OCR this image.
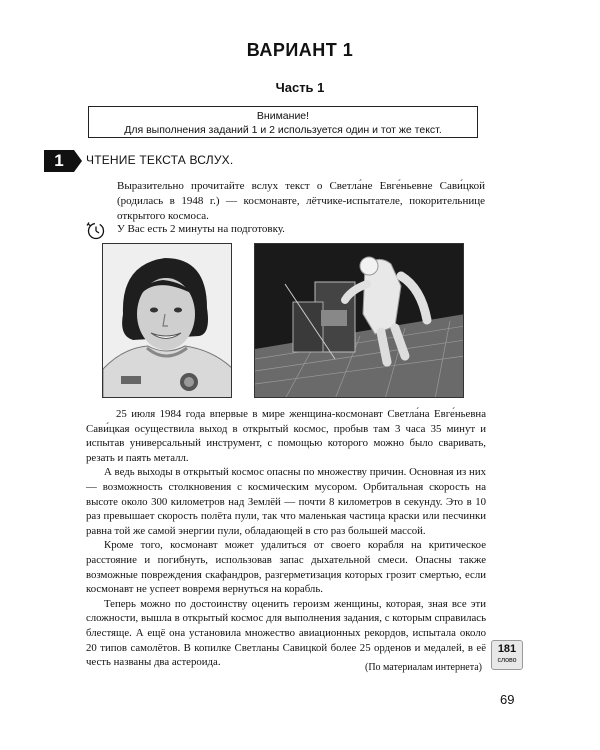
ВАРИАНТ 1
Часть 1
Внимание!
Для выполнения заданий 1 и 2 используется один и тот же текст.
1	ЧТЕНИЕ ТЕКСТА ВСЛУХ.
Выразительно прочитайте вслух текст о Светла́не Евге́ньевне Сави́цкой (родилась в 1948 г.) — космонавте, лётчике-испытателе, покорительнице открытого космоса.
У Вас есть 2 минуты на подготовку.

25 июля 1984 года впервые в мире женщина-космонавт Светла́на Евге́ньевна Сави́цкая осуществила выход в открытый космос, пробыв там 3 часа 35 минут и испытав универсальный инструмент, с помощью которого можно было сваривать, резать и паять металл.

А ведь выходы в открытый космос опасны по множеству причин. Основная из них — возможность столкновения с космическим мусором. Орбитальная скорость на высоте около 300 километров над Землёй — почти 8 километров в секунду. Это в 10 раз превышает скорость полёта пули, так что маленькая частица краски или песчинки равна той же самой энергии пули, обладающей в сто раз большей массой.

Кроме того, космонавт может удалиться от своего корабля на критическое расстояние и погибнуть, использовав запас дыхательной смеси. Опасны также возможные повреждения скафандров, разгерметизация которых грозит смертью, если космонавт не успеет вовремя вернуться на корабль.

Теперь можно по достоинству оценить героизм женщины, которая, зная все эти сложности, вышла в открытый космос для выполнения задания, с которым справилась блестяще. А ещё она установила множество авиационных рекордов, испытала около 20 типов самолётов. В копилке Светланы Савицкой более 25 орденов и медалей, в её честь названы два астероида.

181
слово
(По материалам интернета)
69
